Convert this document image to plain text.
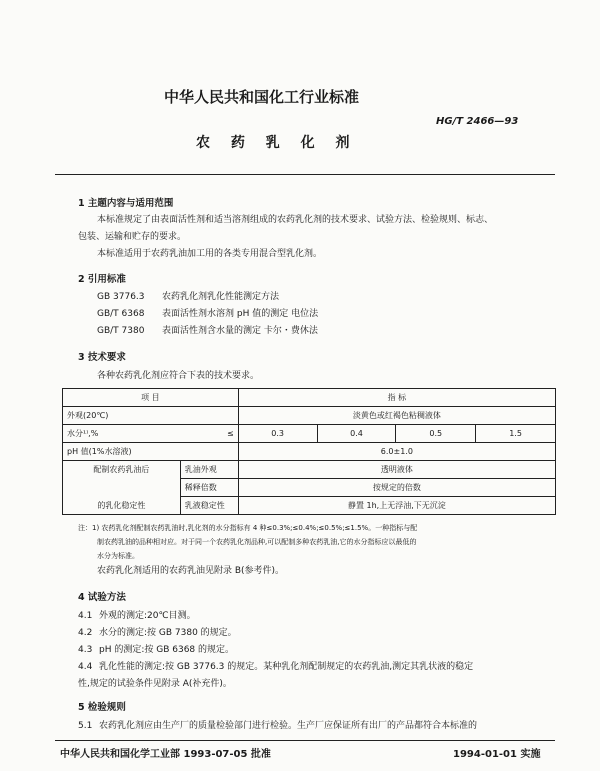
中华人民共和国化工行业标准
HG/T 2466—93
农 药 乳 化 剂
1 主题内容与适用范围
本标准规定了由表面活性剂和适当溶剂组成的农药乳化剂的技术要求、试验方法、检验规则、标志、
包装、运输和贮存的要求。
本标准适用于农药乳油加工用的各类专用混合型乳化剂。
2 引用标准
GB 3776.3 农药乳化剂乳化性能测定方法
GB/T 6368 表面活性剂水溶剂 pH 值的测定 电位法
GB/T 7380 表面活性剂含水量的测定 卡尔・费休法
3 技术要求
各种农药乳化剂应符合下表的技术要求。
项 目		指 标			
外观(20℃)		淡黄色或红褐色粘稠液体			
水分¹⁾,%	≤	0.3	0.4	0.5	1.5
pH 值(1%水溶液)		6.0±1.0			
配制农药乳油后	乳油外观	透明液体			
	稀释倍数	按规定的倍数			
的乳化稳定性	乳液稳定性	静置 1h,上无浮油,下无沉淀			
注：1) 农药乳化剂配制农药乳油时,乳化剂的水分指标有 4 种≤0.3%;≤0.4%;≤0.5%;≤1.5%。一种指标与配
制农药乳油的品种相对应。对于同一个农药乳化剂品种,可以配制多种农药乳油,它的水分指标应以最低的
水分为标准。
农药乳化剂适用的农药乳油见附录 B(参考件)。
4 试验方法
4.1 外观的测定:20℃目测。
4.2 水分的测定:按 GB 7380 的规定。
4.3 pH 的测定:按 GB 6368 的规定。
4.4 乳化性能的测定:按 GB 3776.3 的规定。某种乳化剂配制规定的农药乳油,测定其乳状液的稳定
性,规定的试验条件见附录 A(补充件)。
5 检验规则
5.1 农药乳化剂应由生产厂的质量检验部门进行检验。生产厂应保证所有出厂的产品都符合本标准的
中华人民共和国化学工业部 1993-07-05 批准	1994-01-01 实施
